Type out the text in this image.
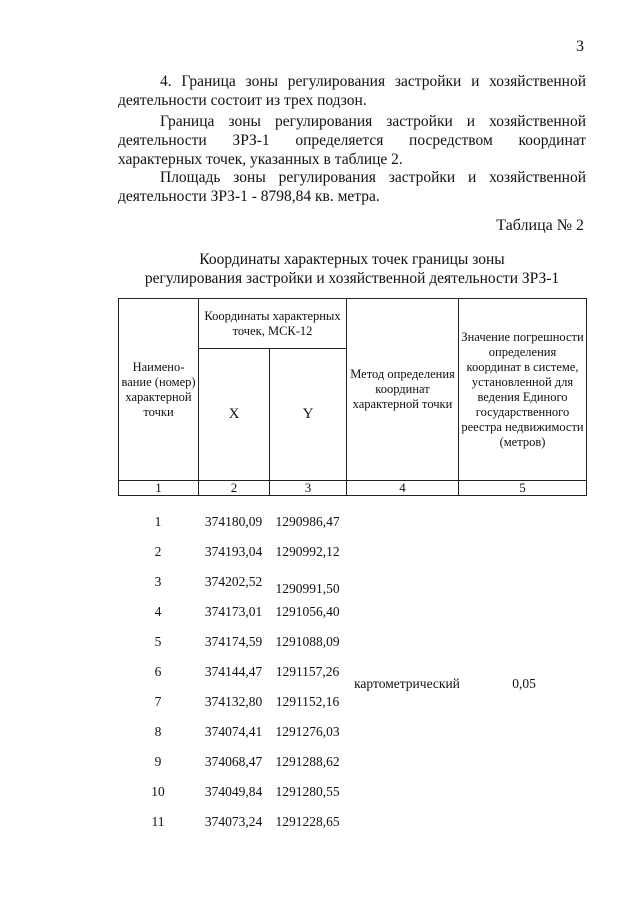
3

4. Граница зоны регулирования застройки и хозяйственной деятельности состоит из трех подзон.

Граница зоны регулирования застройки и хозяйственной деятельности ЗРЗ-1 определяется посредством координат характерных точек, указанных в таблице 2.

Площадь зоны регулирования застройки и хозяйственной деятельности ЗРЗ-1 - 8798,84 кв. метра.

Таблица № 2
Координаты характерных точек границы зоны
регулирования застройки и хозяйственной деятельности ЗРЗ-1
Наимено-вание (номер) характерной точки	Координаты характерных точек, МСК-12		Метод определения координат характерной точки	Значение погрешности определения координат в системе, установленной для ведения Единого государственного реестра недвижимости (метров)
	X	Y		
1	2	3	4	5
1	374180,09 1290986,47
2	374193,04 1290992,12
3	374202,52 1290991,50
4	374173,01 1291056,40
5	374174,59 1291088,09
6	374144,47	1291157,26
7	374132,80	1291152,16
8	374074,41 1291276,03
9	374068,47 1291288,62
10	374049,84 1291280,55
11	374073,24 1291228,65
картометрический	0,05
